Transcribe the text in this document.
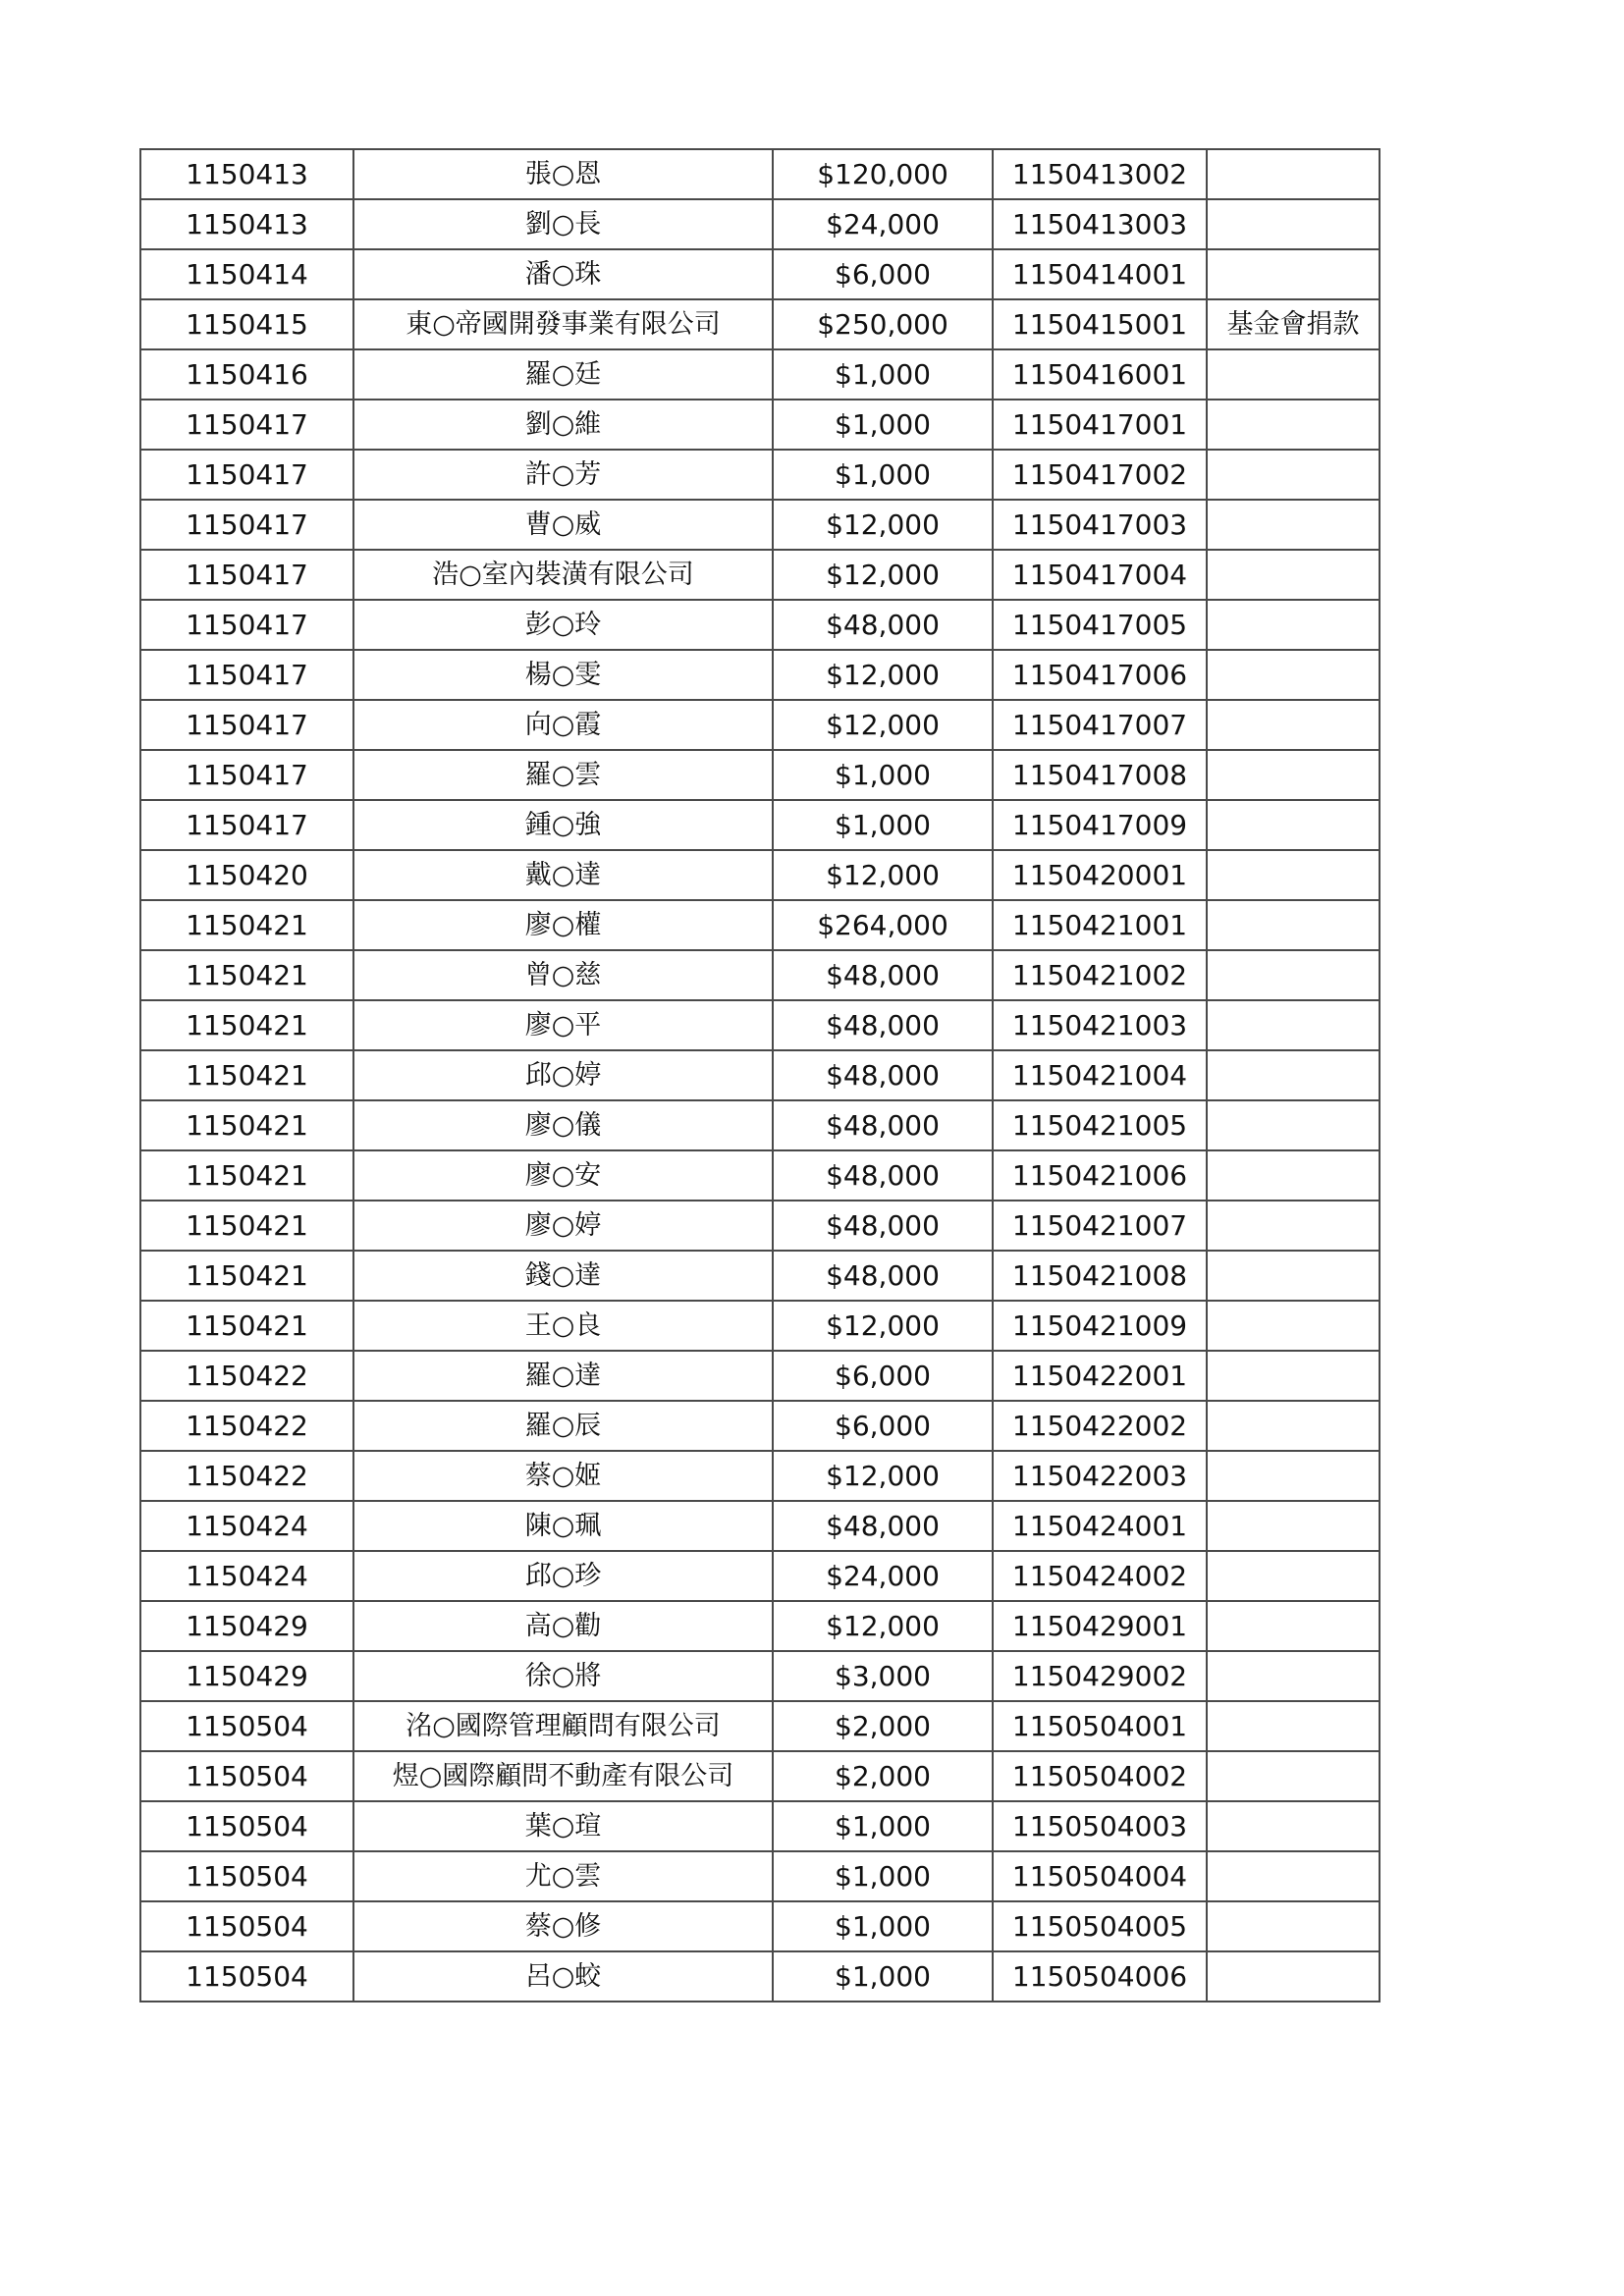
1150413	張○恩	$120,000	1150413002	
1150413	劉○長	$24,000	1150413003	
1150414	潘○珠	$6,000	1150414001	
1150415	東○帝國開發事業有限公司	$250,000	1150415001	基金會捐款
1150416	羅○廷	$1,000	1150416001	
1150417	劉○維	$1,000	1150417001	
1150417	許○芳	$1,000	1150417002	
1150417	曹○威	$12,000	1150417003	
1150417	浩○室內裝潢有限公司	$12,000	1150417004	
1150417	彭○玲	$48,000	1150417005	
1150417	楊○雯	$12,000	1150417006	
1150417	向○霞	$12,000	1150417007	
1150417	羅○雲	$1,000	1150417008	
1150417	鍾○強	$1,000	1150417009	
1150420	戴○達	$12,000	1150420001	
1150421	廖○權	$264,000	1150421001	
1150421	曾○慈	$48,000	1150421002	
1150421	廖○平	$48,000	1150421003	
1150421	邱○婷	$48,000	1150421004	
1150421	廖○儀	$48,000	1150421005	
1150421	廖○安	$48,000	1150421006	
1150421	廖○婷	$48,000	1150421007	
1150421	錢○達	$48,000	1150421008	
1150421	王○良	$12,000	1150421009	
1150422	羅○達	$6,000	1150422001	
1150422	羅○辰	$6,000	1150422002	
1150422	蔡○姬	$12,000	1150422003	
1150424	陳○珮	$48,000	1150424001	
1150424	邱○珍	$24,000	1150424002	
1150429	高○勸	$12,000	1150429001	
1150429	徐○將	$3,000	1150429002	
1150504	洺○國際管理顧問有限公司	$2,000	1150504001	
1150504	煜○國際顧問不動產有限公司	$2,000	1150504002	
1150504	葉○瑄	$1,000	1150504003	
1150504	尤○雲	$1,000	1150504004	
1150504	蔡○修	$1,000	1150504005	
1150504	呂○蛟	$1,000	1150504006	
